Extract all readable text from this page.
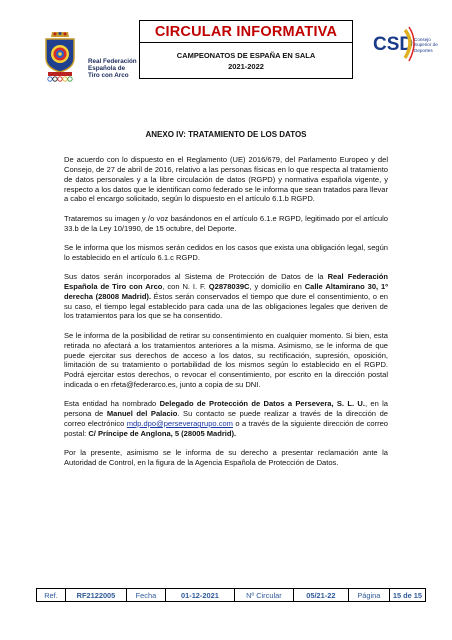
Real Federación
Española de
Tiro con Arco
CIRCULAR INFORMATIVA
CAMPEONATOS DE ESPAÑA EN SALA
2021-2022
CSD Consejo
Superior de
Deportes
ANEXO IV: TRATAMIENTO DE LOS DATOS

De acuerdo con lo dispuesto en el Reglamento (UE) 2016/679, del Parlamento Europeo y del Consejo, de 27 de abril de 2016, relativo a las personas físicas en lo que respecta al tratamiento de datos personales y a la libre circulación de datos (RGPD) y normativa española vigente, y respecto a los datos que le identifican como federado se le informa que sean tratados para llevar a cabo el encargo solicitado, según lo dispuesto en el artículo 6.1.b RGPD.

Trataremos su imagen y /o voz basándonos en el artículo 6.1.e RGPD, legitimado por el artículo 33.b de la Ley 10/1990, de 15 octubre, del Deporte.

Se le informa que los mismos serán cedidos en los casos que exista una obligación legal, según lo establecido en el artículo 6.1.c RGPD.

Sus datos serán incorporados al Sistema de Protección de Datos de la Real Federación Española de Tiro con Arco, con N. I. F. Q2878039C, y domicilio en Calle Altamirano 30, 1º derecha (28008 Madrid). Éstos serán conservados el tiempo que dure el consentimiento, o en su caso, el tiempo legal establecido para cada una de las obligaciones legales que deriven de los tratamientos para los que se ha consentido.

Se le informa de la posibilidad de retirar su consentimiento en cualquier momento. Si bien, esta retirada no afectará a los tratamientos anteriores a la misma. Asimismo, se le informa de que puede ejercitar sus derechos de acceso a los datos, su rectificación, supresión, oposición, limitación de su tratamiento o portabilidad de los mismos según lo establecido en el RGPD. Podrá ejercitar estos derechos, o revocar el consentimiento, por escrito en la dirección postal indicada o en rfeta@federarco.es, junto a copia de su DNI.

Esta entidad ha nombrado Delegado de Protección de Datos a Persevera, S. L. U., en la persona de Manuel del Palacio. Su contacto se puede realizar a través de la dirección de correo electrónico mdp.dpo@perseveragrupo.com o a través de la siguiente dirección de correo postal: C/ Príncipe de Anglona, 5 (28005 Madrid).

Por la presente, asimismo se le informa de su derecho a presentar reclamación ante la Autoridad de Control, en la figura de la Agencia Española de Protección de Datos.

Ref.	RF2122005	Fecha	01-12-2021	Nº Circular	05/21-22	Página	15 de 15
